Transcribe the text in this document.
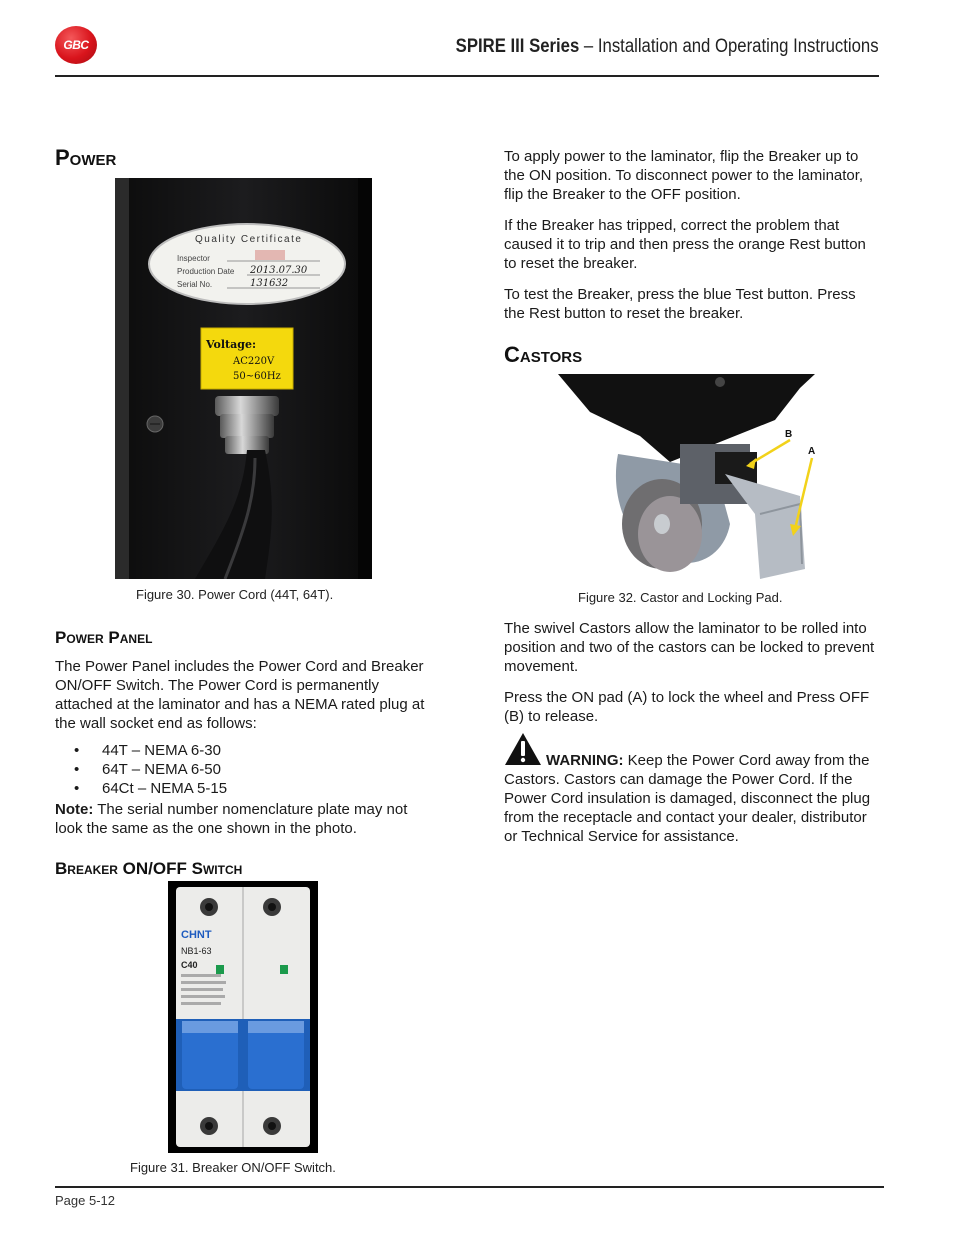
GBC	SPIRE III Series – Installation and Operating Instructions
Power
Quality Certificate
Inspector
Production Date 2013.07.30
Serial No.	131632
Voltage:
AC220V
50~60Hz
Figure 30. Power Cord (44T, 64T).
Power Panel

The Power Panel includes the Power Cord and Breaker ON/OFF Switch. The Power Cord is permanently attached at the laminator and has a NEMA rated plug at the wall socket end as follows:

• 44T – NEMA 6-30
• 64T – NEMA 6-50
• 64Ct – NEMA 5-15

Note: The serial number nomenclature plate may not look the same as the one shown in the photo.

Breaker ON/OFF Switch
CHNT
NB1-63
C40
Figure 31. Breaker ON/OFF Switch.

To apply power to the laminator, flip the Breaker up to the ON position. To disconnect power to the laminator, flip the Breaker to the OFF position.

If the Breaker has tripped, correct the problem that caused it to trip and then press the orange Rest button to reset the breaker.

To test the Breaker, press the blue Test button. Press the Rest button to reset the breaker.

Castors
B
A
Figure 32. Castor and Locking Pad.

The swivel Castors allow the laminator to be rolled into position and two of the castors can be locked to prevent movement.

Press the ON pad (A) to lock the wheel and Press OFF (B) to release.

WARNING: Keep the Power Cord away from the Castors. Castors can damage the Power Cord. If the Power Cord insulation is damaged, disconnect the plug from the receptacle and contact your dealer, distributor or Technical Service for assistance.

Page 5-12
